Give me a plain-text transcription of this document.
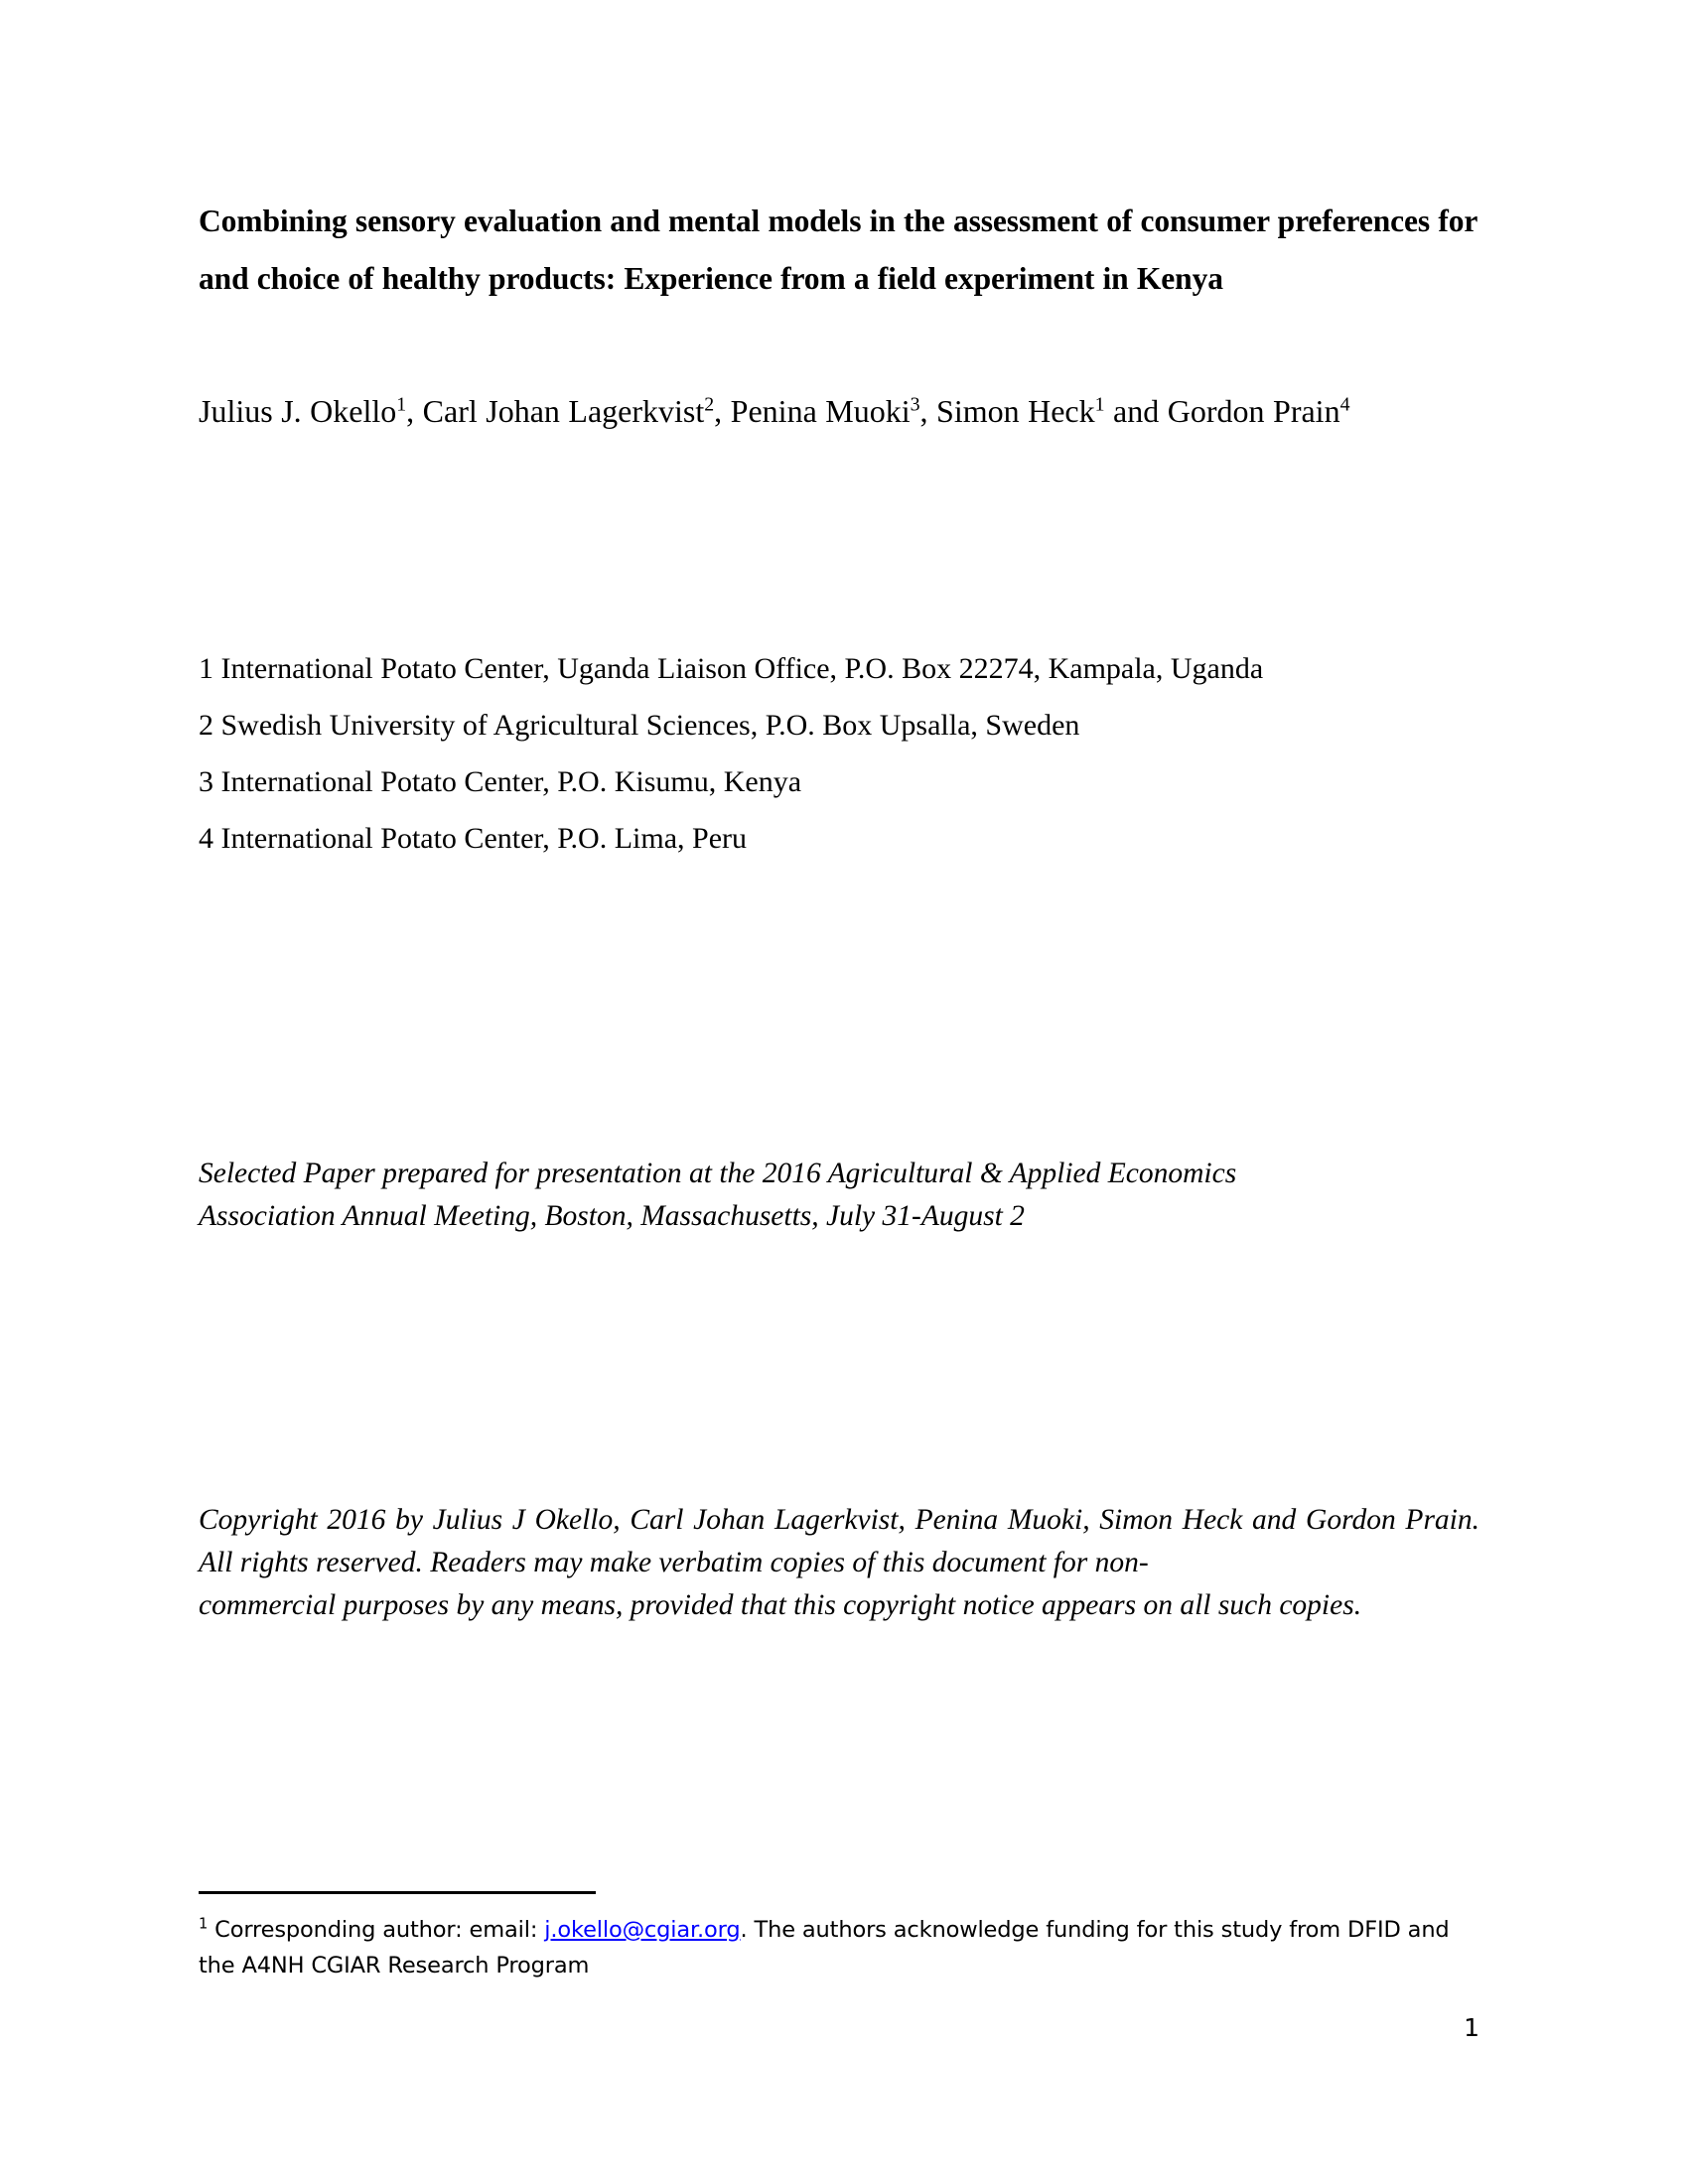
Combining sensory evaluation and mental models in the assessment of consumer preferences for and choice of healthy products: Experience from a field experiment in Kenya

Julius J. Okello$^1$, Carl Johan Lagerkvist$^2$, Penina Muoki$^3$, Simon Heck$^1$ and Gordon Prain$^4$

1 International Potato Center, Uganda Liaison Office, P.O. Box 22274, Kampala, Uganda

2 Swedish University of Agricultural Sciences, P.O. Box Upsalla, Sweden

3 International Potato Center, P.O. Kisumu, Kenya

4 International Potato Center, P.O. Lima, Peru

Selected Paper prepared for presentation at the 2016 Agricultural & Applied Economics
Association Annual Meeting, Boston, Massachusetts, July 31-August 2

Copyright 2016 by Julius J Okello, Carl Johan Lagerkvist, Penina Muoki, Simon Heck and Gordon Prain. All rights reserved. Readers may make verbatim copies of this document for non-
commercial purposes by any means, provided that this copyright notice appears on all such copies.

$^1$ Corresponding author: email: j.okello@cgiar.org. The authors acknowledge funding for this study from DFID and the A4NH CGIAR Research Program

1
